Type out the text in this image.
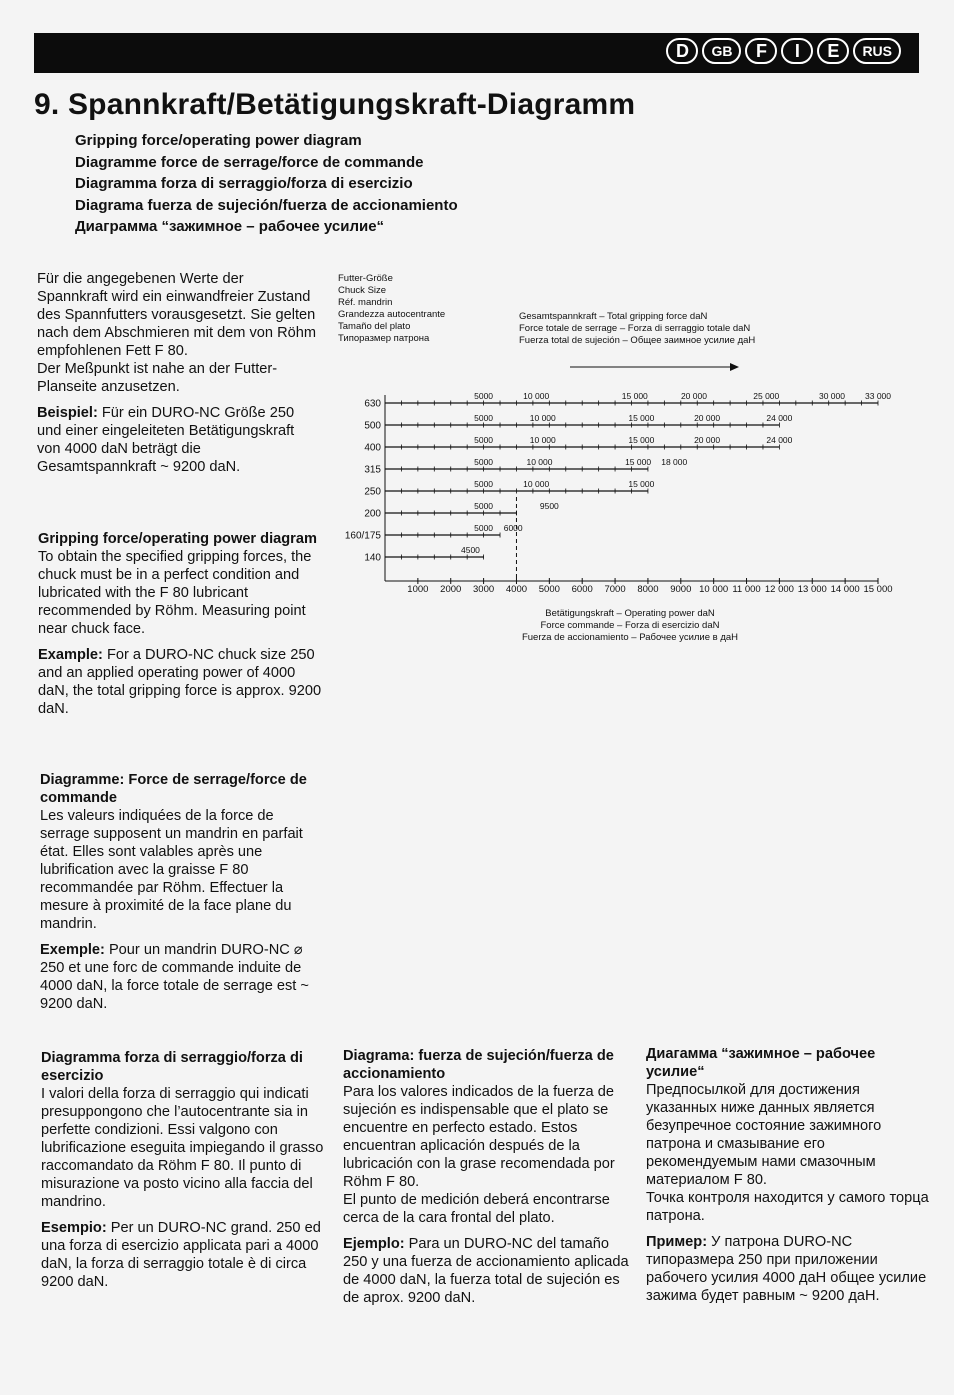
D	GB	F	I	E	RUS
9. Spannkraft/Betätigungskraft-Diagramm
Gripping force/operating power diagram
Diagramme force de serrage/force de commande
Diagramma forza di serraggio/forza di esercizio
Diagrama fuerza de sujeción/fuerza de accionamiento
Диаграмма “зажимное – рабочее усилие“

Für die angegebenen Werte der Spannkraft wird ein einwandfreier Zustand des Spannfutters vorausgesetzt. Sie gelten nach dem Abschmieren mit dem von Röhm empfohlenen Fett F 80.

Der Meßpunkt ist nahe an der Futter-Planseite anzusetzen.

Beispiel: Für ein DURO-NC Größe 250 und einer eingeleiteten Betätigungskraft von 4000 daN beträgt die Gesamtspannkraft ~ 9200 daN.

Gripping force/operating power diagram

To obtain the specified gripping forces, the chuck must be in a perfect condition and lubricated with the F 80 lubricant recommended by Röhm. Measuring point near chuck face.

Example: For a DURO-NC chuck size 250 and an applied operating power of 4000 daN, the total gripping force is approx. 9200 daN.

Diagramme: Force de serrage/force de commande

Les valeurs indiquées de la force de serrage supposent un mandrin en parfait état. Elles sont valables après une lubrification avec la graisse F 80 recommandée par Röhm. Effectuer la mesure à proximité de la face plane du mandrin.

Exemple: Pour un mandrin DURO-NC ⌀ 250 et une forc de commande induite de 4000 daN, la force totale de serrage est ~ 9200 daN.

Diagramma forza di serraggio/forza di esercizio

I valori della forza di serraggio qui indicati presuppongono che l’autocentrante sia in perfette condizioni. Essi valgono con lubrificazione eseguita impiegando il grasso raccomandato da Röhm F 80. Il punto di misurazione va posto vicino alla faccia del mandrino.

Esempio: Per un DURO-NC grand. 250 ed una forza di esercizio applicata pari a 4000 daN, la forza di serraggio totale è di circa 9200 daN.

Diagrama: fuerza de sujeción/fuerza de accionamiento

Para los valores indicados de la fuerza de sujeción es indispensable que el plato se encuentre en perfecto estado. Estos encuentran aplicación después de la lubricación con la grase recomendada por Röhm F 80.

El punto de medición deberá encontrarse cerca de la cara frontal del plato.

Ejemplo: Para un DURO-NC del tamaño 250 y una fuerza de accionamiento aplicada de 4000 daN, la fuerza total de sujeción es de aprox. 9200 daN.

Диагамма “зажимное – рабочее усилие“

Предпосылкой для достижения указанных ниже данных является безупречное состояние зажимного патрона и смазывание его рекомендуемым нами смазочным материалом F 80.

Точка контроля находится у самого торца патрона.

Пример: У патрона DURO-NC типоразмера 250 при приложении рабочего усилия 4000 даН общее усилие зажима будет равным ~ 9200 даН.

Futter-Größe
Chuck Size
Réf. mandrin
Grandezza autocentrante
Tamaño del plato
Типоразмер патрона
Gesamtspannkraft – Total gripping force daN
Force totale de serrage – Forza di serraggio totale daN
Fuerza total de sujeción – Общее заимное усилие даН
1000 2000 3000 4000 5000 6000 7000 8000 9000 10 000 11 000 12 000 13 000 14 000 15 000
630
5000	10 000	15 000	20 000	25 000	30 000 33 000
500
5000	10 000	15 000	20 000	24 000
400
5000	10 000	15 000	20 000	24 000
315
5000	10 000	15 000 18 000
250
5000	10 000	15 000
200
5000	9500
160/175
5000 6000
140
4500
Betätigungskraft – Operating power daN
Force commande – Forza di esercizio daN
Fuerza de accionamiento – Рабочее усилие в даН
